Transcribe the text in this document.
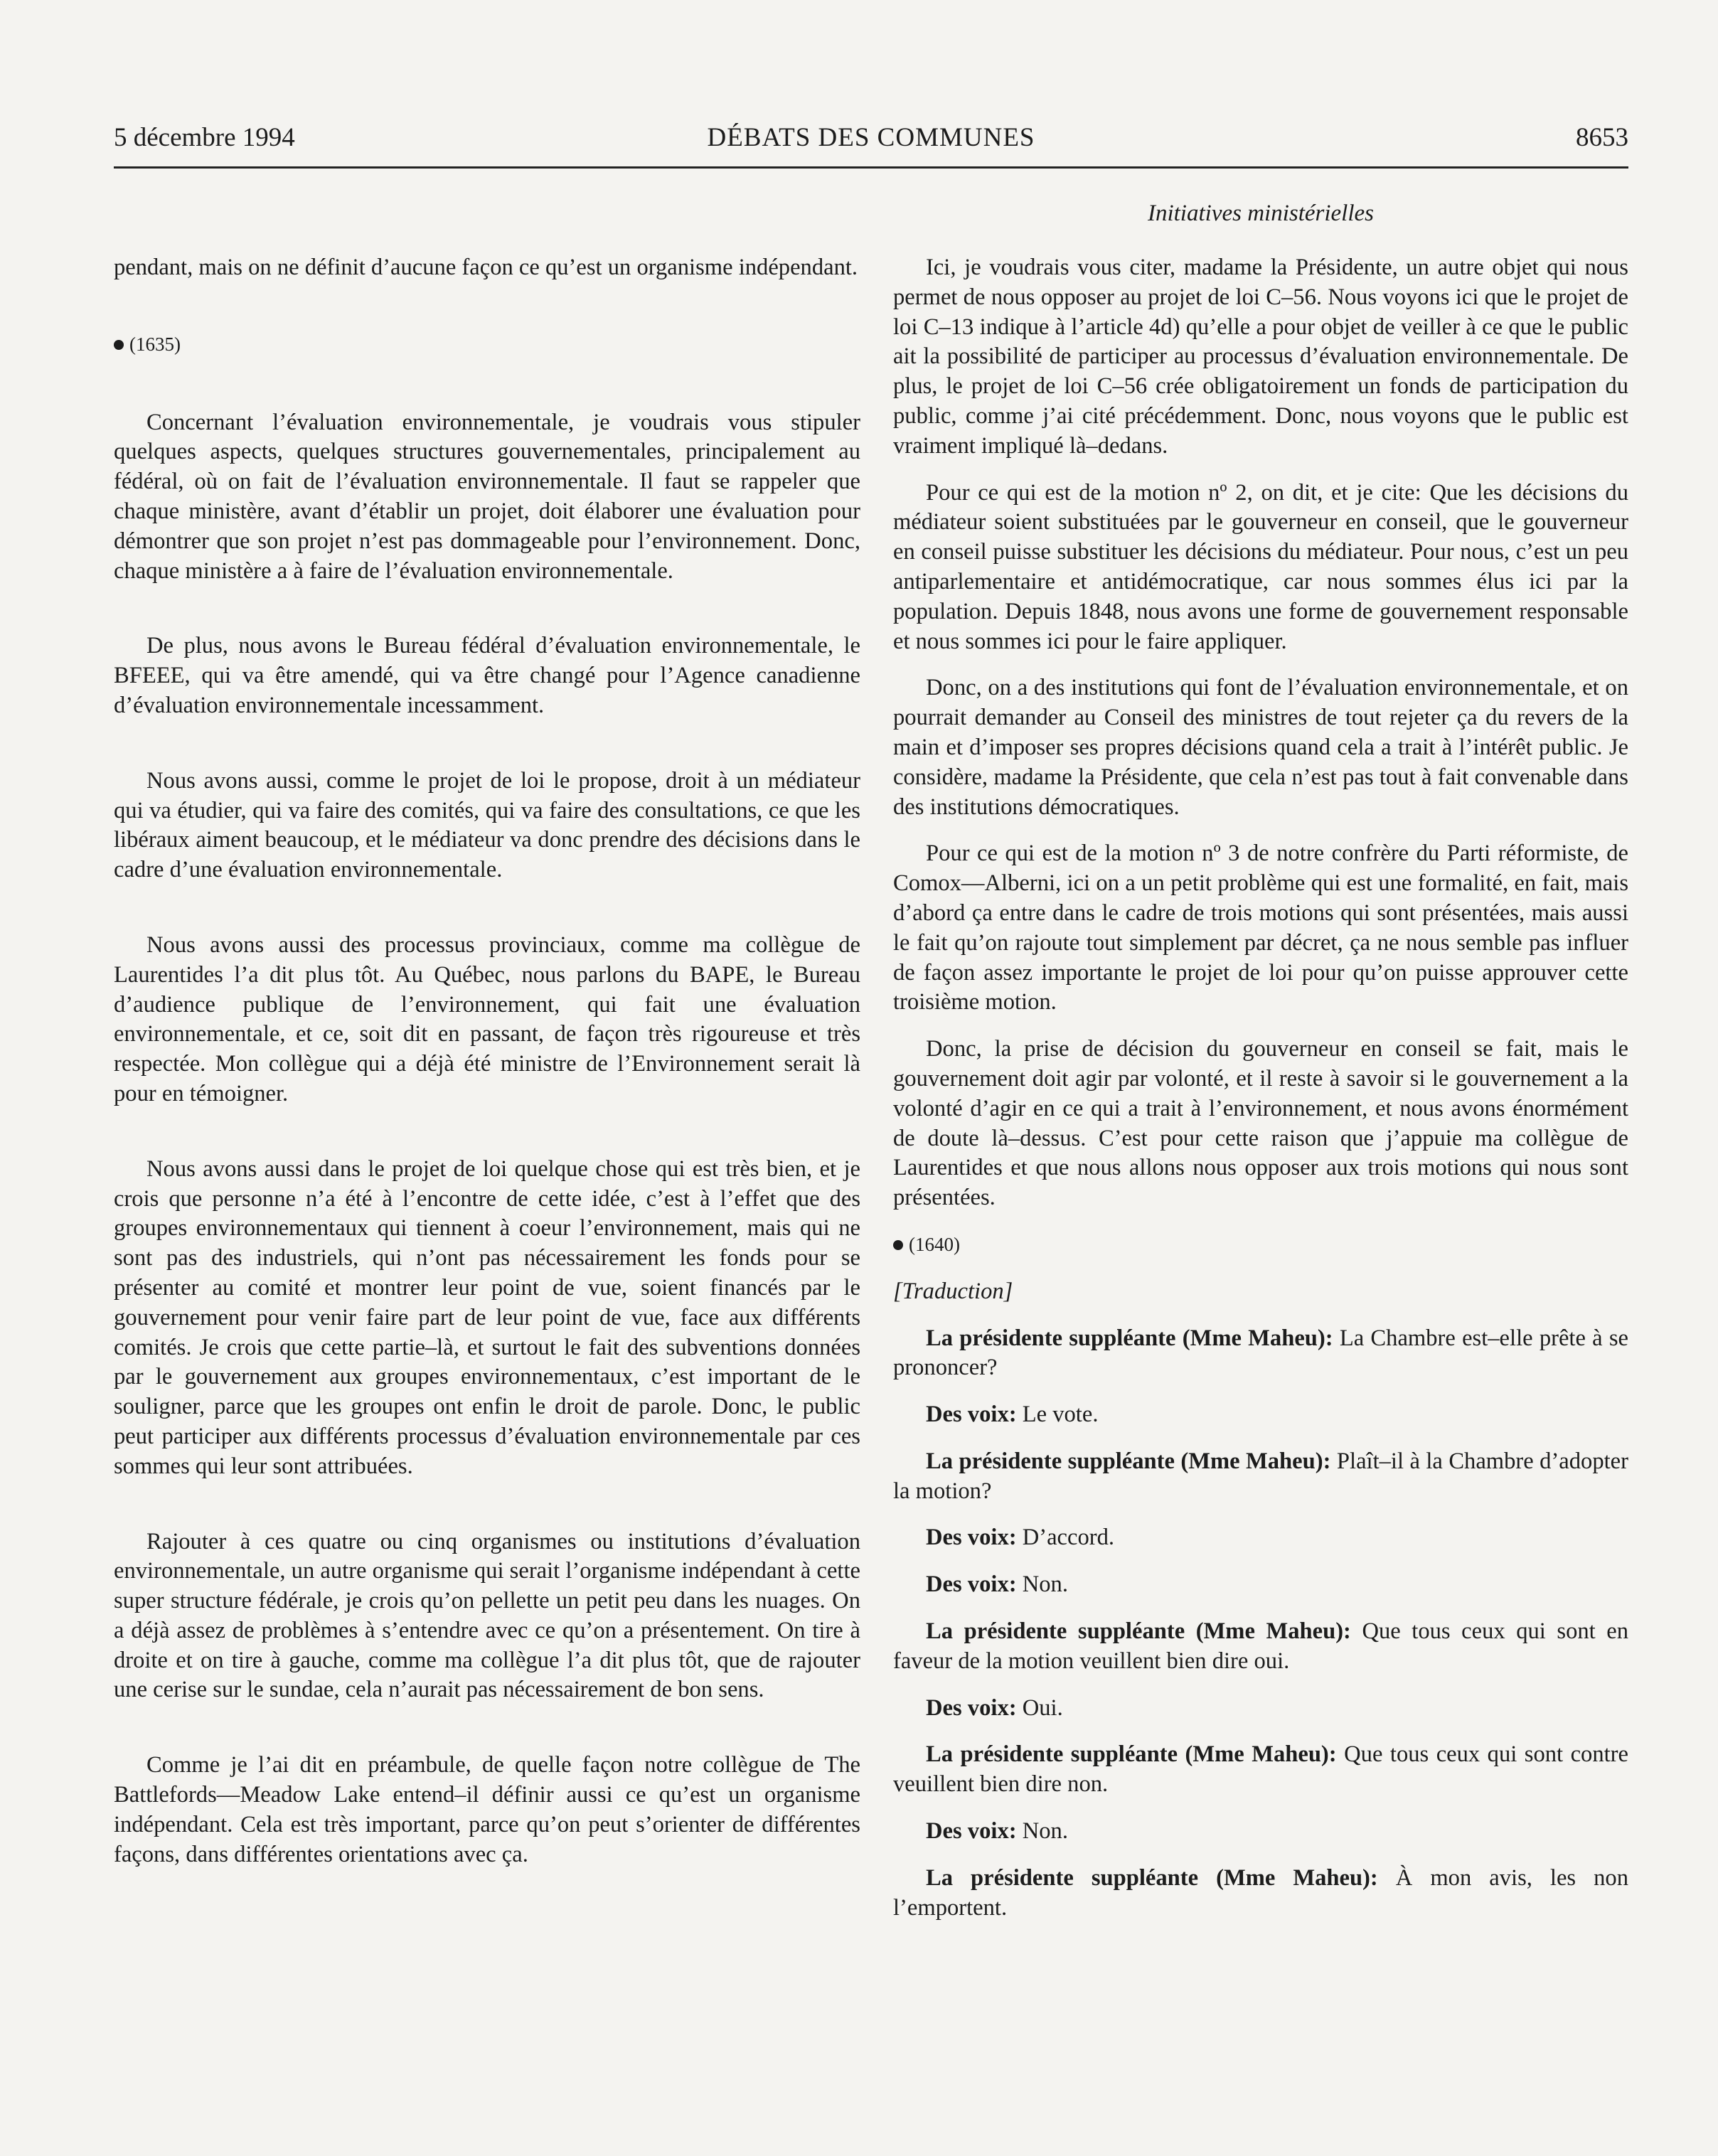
5 décembre 1994	DÉBATS DES COMMUNES	8653
Initiatives ministérielles

pendant, mais on ne définit d’aucune façon ce qu’est un organisme indépendant.

(1635)

Concernant l’évaluation environnementale, je voudrais vous stipuler quelques aspects, quelques structures gouvernementales, principalement au fédéral, où on fait de l’évaluation environnementale. Il faut se rappeler que chaque ministère, avant d’établir un projet, doit élaborer une évaluation pour démontrer que son projet n’est pas dommageable pour l’environnement. Donc, chaque ministère a à faire de l’évaluation environnementale.

De plus, nous avons le Bureau fédéral d’évaluation environnementale, le BFEEE, qui va être amendé, qui va être changé pour l’Agence canadienne d’évaluation environnementale incessamment.

Nous avons aussi, comme le projet de loi le propose, droit à un médiateur qui va étudier, qui va faire des comités, qui va faire des consultations, ce que les libéraux aiment beaucoup, et le médiateur va donc prendre des décisions dans le cadre d’une évaluation environnementale.

Nous avons aussi des processus provinciaux, comme ma collègue de Laurentides l’a dit plus tôt. Au Québec, nous parlons du BAPE, le Bureau d’audience publique de l’environnement, qui fait une évaluation environnementale, et ce, soit dit en passant, de façon très rigoureuse et très respectée. Mon collègue qui a déjà été ministre de l’Environnement serait là pour en témoigner.

Nous avons aussi dans le projet de loi quelque chose qui est très bien, et je crois que personne n’a été à l’encontre de cette idée, c’est à l’effet que des groupes environnementaux qui tiennent à coeur l’environnement, mais qui ne sont pas des industriels, qui n’ont pas nécessairement les fonds pour se présenter au comité et montrer leur point de vue, soient financés par le gouvernement pour venir faire part de leur point de vue, face aux différents comités. Je crois que cette partie–là, et surtout le fait des subventions données par le gouvernement aux groupes environnementaux, c’est important de le souligner, parce que les groupes ont enfin le droit de parole. Donc, le public peut participer aux différents processus d’évaluation environnementale par ces sommes qui leur sont attribuées.

Rajouter à ces quatre ou cinq organismes ou institutions d’évaluation environnementale, un autre organisme qui serait l’organisme indépendant à cette super structure fédérale, je crois qu’on pellette un petit peu dans les nuages. On a déjà assez de problèmes à s’entendre avec ce qu’on a présentement. On tire à droite et on tire à gauche, comme ma collègue l’a dit plus tôt, que de rajouter une cerise sur le sundae, cela n’aurait pas nécessairement de bon sens.

Comme je l’ai dit en préambule, de quelle façon notre collègue de The Battlefords—Meadow Lake entend–il définir aussi ce qu’est un organisme indépendant. Cela est très important, parce qu’on peut s’orienter de différentes façons, dans différentes orientations avec ça.

Ici, je voudrais vous citer, madame la Présidente, un autre objet qui nous permet de nous opposer au projet de loi C–56. Nous voyons ici que le projet de loi C–13 indique à l’article 4d) qu’elle a pour objet de veiller à ce que le public ait la possibilité de participer au processus d’évaluation environnementale. De plus, le projet de loi C–56 crée obligatoirement un fonds de participation du public, comme j’ai cité précédemment. Donc, nous voyons que le public est vraiment impliqué là–dedans.

Pour ce qui est de la motion nº 2, on dit, et je cite: Que les décisions du médiateur soient substituées par le gouverneur en conseil, que le gouverneur en conseil puisse substituer les décisions du médiateur. Pour nous, c’est un peu antiparlementaire et antidémocratique, car nous sommes élus ici par la population. Depuis 1848, nous avons une forme de gouvernement responsable et nous sommes ici pour le faire appliquer.

Donc, on a des institutions qui font de l’évaluation environnementale, et on pourrait demander au Conseil des ministres de tout rejeter ça du revers de la main et d’imposer ses propres décisions quand cela a trait à l’intérêt public. Je considère, madame la Présidente, que cela n’est pas tout à fait convenable dans des institutions démocratiques.

Pour ce qui est de la motion nº 3 de notre confrère du Parti réformiste, de Comox—Alberni, ici on a un petit problème qui est une formalité, en fait, mais d’abord ça entre dans le cadre de trois motions qui sont présentées, mais aussi le fait qu’on rajoute tout simplement par décret, ça ne nous semble pas influer de façon assez importante le projet de loi pour qu’on puisse approuver cette troisième motion.

Donc, la prise de décision du gouverneur en conseil se fait, mais le gouvernement doit agir par volonté, et il reste à savoir si le gouvernement a la volonté d’agir en ce qui a trait à l’environnement, et nous avons énormément de doute là–dessus. C’est pour cette raison que j’appuie ma collègue de Laurentides et que nous allons nous opposer aux trois motions qui nous sont présentées.

(1640)

[Traduction]

La présidente suppléante (Mme Maheu): La Chambre est–elle prête à se prononcer?

Des voix: Le vote.

La présidente suppléante (Mme Maheu): Plaît–il à la Chambre d’adopter la motion?

Des voix: D’accord.

Des voix: Non.

La présidente suppléante (Mme Maheu): Que tous ceux qui sont en faveur de la motion veuillent bien dire oui.

Des voix: Oui.

La présidente suppléante (Mme Maheu): Que tous ceux qui sont contre veuillent bien dire non.

Des voix: Non.

La présidente suppléante (Mme Maheu): À mon avis, les non l’emportent.
